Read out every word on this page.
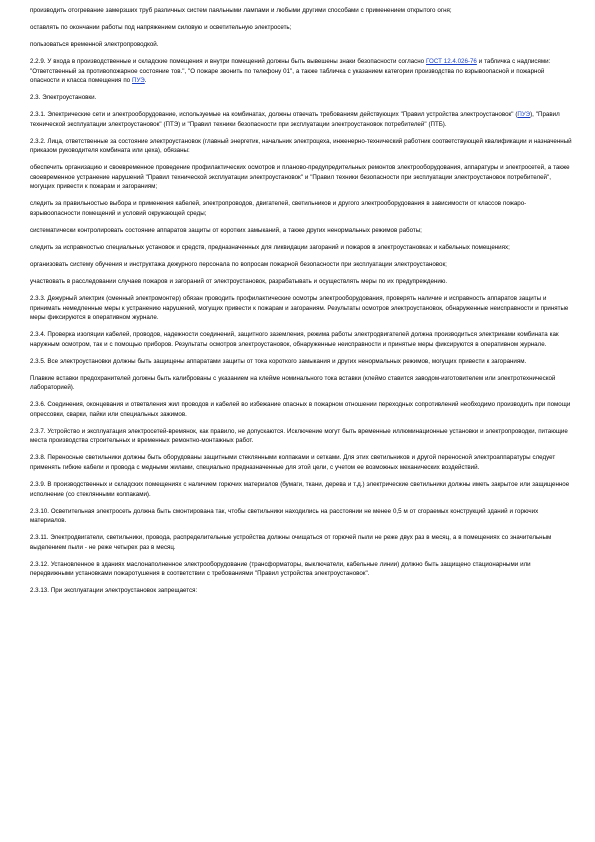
производить отогревание замерзших труб различных систем паяльными лампами и любыми другими способами с применением открытого огня;

оставлять по окончании работы под напряжением силовую и осветительную электросеть;

пользоваться временной электропроводкой.

2.2.9. У входа в производственные и складские помещения и внутри помещений должны быть вывешены знаки безопасности согласно ГОСТ 12.4.026-76 и табличка с надписями: "Ответственный за противопожарное состояние тов.", "О пожаре звонить по телефону 01", а также табличка с указанием категории производства по взрывоопасной и пожарной опасности и класса помещения по ПУЭ.

2.3. Электроустановки.

2.3.1. Электрические сети и электрооборудование, используемые на комбинатах, должны отвечать требованиям действующих "Правил устройства электроустановок" (ПУЭ), "Правил технической эксплуатации электроустановок" (ПТЭ) и "Правил техники безопасности при эксплуатации электроустановок потребителей" (ПТБ).

2.3.2. Лица, ответственные за состояние электроустановок (главный энергетик, начальник электроцеха, инженерно-технический работник соответствующей квалификации и назначенный приказом руководителя комбината или цеха), обязаны:

обеспечить организацию и своевременное проведение профилактических осмотров и планово-предупредительных ремонтов электрооборудования, аппаратуры и электросетей, а также своевременное устранение нарушений "Правил технической эксплуатации электроустановок" и "Правил техники безопасности при эксплуатации электроустановок потребителей", могущих привести к пожарам и загораниям;

следить за правильностью выбора и применения кабелей, электропроводов, двигателей, светильников и другого электрооборудования в зависимости от классов пожаро- взрывоопасности помещений и условий окружающей среды;

систематически контролировать состояние аппаратов защиты от коротких замыканий, а также других ненормальных режимов работы;

следить за исправностью специальных установок и средств, предназначенных для ликвидации загораний и пожаров в электроустановках и кабельных помещениях;

организовать систему обучения и инструктажа дежурного персонала по вопросам пожарной безопасности при эксплуатации электроустановок;

участвовать в расследовании случаев пожаров и загораний от электроустановок, разрабатывать и осуществлять меры по их предупреждению.

2.3.3. Дежурный электрик (сменный электромонтер) обязан проводить профилактические осмотры электрооборудования, проверять наличие и исправность аппаратов защиты и принимать немедленные меры к устранению нарушений, могущих привести к пожарам и загораниям. Результаты осмотров электроустановок, обнаруженные неисправности и принятые меры фиксируются в оперативном журнале.

2.3.4. Проверка изоляции кабелей, проводов, надежности соединений, защитного заземления, режима работы электродвигателей должна производиться электриками комбината как наружным осмотром, так и с помощью приборов. Результаты осмотров электроустановок, обнаруженные неисправности и принятые меры фиксируются в оперативном журнале.

2.3.5. Все электроустановки должны быть защищены аппаратами защиты от тока короткого замыкания и других ненормальных режимов, могущих привести к загораниям.

Плавкие вставки предохранителей должны быть калиброваны с указанием на клейме номинального тока вставки (клеймо ставится заводом-изготовителем или электротехнической лабораторией).

2.3.6. Соединения, оконцевания и ответвления жил проводов и кабелей во избежание опасных в пожарном отношении переходных сопротивлений необходимо производить при помощи опрессовки, сварки, пайки или специальных зажимов.

2.3.7. Устройство и эксплуатация электросетей-времянок, как правило, не допускаются. Исключение могут быть временные иллюминационные установки и электропроводки, питающие места производства строительных и временных ремонтно-монтажных работ.

2.3.8. Переносные светильники должны быть оборудованы защитными стеклянными колпаками и сетками. Для этих светильников и другой переносной электроаппаратуры следует применять гибкие кабели и провода с медными жилами, специально предназначенные для этой цели, с учетом ее возможных механических воздействий.

2.3.9. В производственных и складских помещениях с наличием горючих материалов (бумаги, ткани, дерева и т.д.) электрические светильники должны иметь закрытое или защищенное исполнение (со стеклянными колпаками).

2.3.10. Осветительная электросеть должна быть смонтирована так, чтобы светильники находились на расстоянии не менее 0,5 м от сгораемых конструкций зданий и горючих материалов.

2.3.11. Электродвигатели, светильники, провода, распределительные устройства должны очищаться от горючей пыли не реже двух раз в месяц, а в помещениях со значительным выделением пыли - не реже четырех раз в месяц.

2.3.12. Установленное в зданиях маслонаполненное электрооборудование (трансформаторы, выключатели, кабельные линии) должно быть защищено стационарными или передвижными установками пожаротушения в соответствии с требованиями "Правил устройства электроустановок".

2.3.13. При эксплуатации электроустановок запрещается:
